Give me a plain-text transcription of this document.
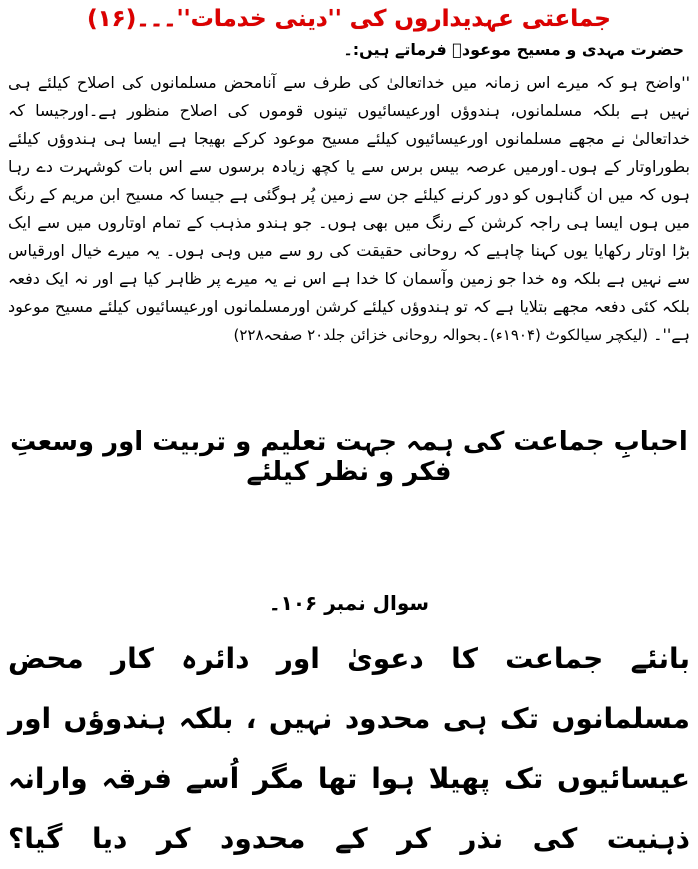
جماعتی عہدیداروں کی ''دینی خدمات''۔۔۔(۱۶)
حضرت مہدی و مسیح موعودؑ فرماتے ہیں:۔

''واضح ہو کہ میرے اس زمانہ میں خداتعالیٰ کی طرف سے آنامحض مسلمانوں کی اصلاح کیلئے ہی نہیں ہے بلکہ مسلمانوں، ہندوؤں اورعیسائیوں تینوں قوموں کی اصلاح منظور ہے۔اورجیسا کہ خداتعالیٰ نے مجھے مسلمانوں اورعیسائیوں کیلئے مسیح موعود کرکے بھیجا ہے ایسا ہی ہندوؤں کیلئے بطوراوتار کے ہوں۔اورمیں عرصہ بیس برس سے یا کچھ زیادہ برسوں سے اس بات کوشہرت دے رہا ہوں کہ میں ان گناہوں کو دور کرنے کیلئے جن سے زمین پُر ہوگئی ہے جیسا کہ مسیح ابن مریم کے رنگ میں ہوں ایسا ہی راجہ کرشن کے رنگ میں بھی ہوں۔ جو ہندو مذہب کے تمام اوتاروں میں سے ایک بڑا اوتار رکھایا یوں کہنا چاہیے کہ روحانی حقیقت کی رو سے میں وہی ہوں۔ یہ میرے خیال اورقیاس سے نہیں ہے بلکہ وہ خدا جو زمین وآسمان کا خدا ہے اس نے یہ میرے پر ظاہر کیا ہے اور نہ ایک دفعہ بلکہ کئی دفعہ مجھے بتلایا ہے کہ تو ہندوؤں کیلئے کرشن اورمسلمانوں اورعیسائیوں کیلئے مسیح موعود ہے''۔ (لیکچر سیالکوٹ (۱۹۰۴ء)۔بحوالہ روحانی خزائن جلد۲۰ صفحہ۲۲۸)

احبابِ جماعت کی ہمہ جہت تعلیم و تربیت اور وسعتِ فکر و نظر کیلئے
سوال نمبر ۱۰۶۔
بانئے جماعت کا دعویٰ اور دائرہ کار محض مسلمانوں تک ہی محدود نہیں ، بلکہ ہندوؤں اور
عیسائیوں تک پھیلا ہوا تھا مگر اُسے فرقہ وارانہ ذہنیت کی نذر کر کے محدود کر دیا گیا؟
